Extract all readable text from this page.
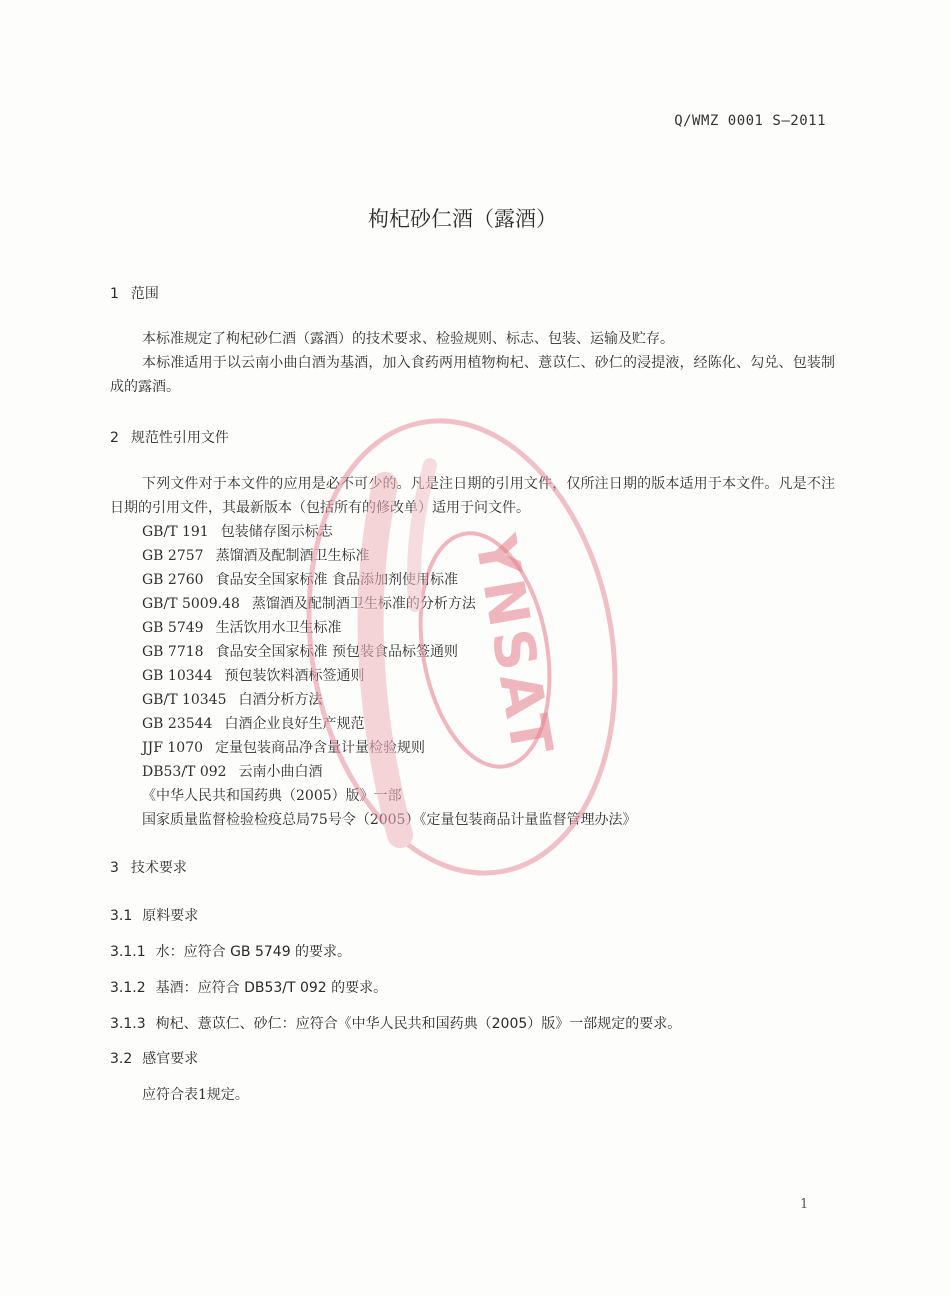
Q/WMZ 0001 S—2011
枸杞砂仁酒（露酒）
1 范围

本标准规定了枸杞砂仁酒（露酒）的技术要求、检验规则、标志、包装、运输及贮存。

本标准适用于以云南小曲白酒为基酒，加入食药两用植物枸杞、薏苡仁、砂仁的浸提液，经陈化、勾兑、包装制成的露酒。

2 规范性引用文件

下列文件对于本文件的应用是必不可少的。凡是注日期的引用文件，仅所注日期的版本适用于本文件。凡是不注日期的引用文件，其最新版本（包括所有的修改单）适用于问文件。

GB/T 191 包装储存图示标志
GB 2757 蒸馏酒及配制酒卫生标准
GB 2760 食品安全国家标准 食品添加剂使用标准
GB/T 5009.48 蒸馏酒及配制酒卫生标准的分析方法
GB 5749 生活饮用水卫生标准
GB 7718 食品安全国家标准 预包装食品标签通则
GB 10344 预包装饮料酒标签通则
GB/T 10345 白酒分析方法
GB 23544 白酒企业良好生产规范
JJF 1070 定量包装商品净含量计量检验规则
DB53/T 092 云南小曲白酒
《中华人民共和国药典（2005）版》一部
国家质量监督检验检疫总局75号令（2005）《定量包装商品计量监督管理办法》
3 技术要求
3.1 原料要求
3.1.1 水：应符合 GB 5749 的要求。
3.1.2 基酒：应符合 DB53/T 092 的要求。
3.1.3 枸杞、薏苡仁、砂仁：应符合《中华人民共和国药典（2005）版》一部规定的要求。
3.2 感官要求
应符合表1规定。
YNSAT
1
